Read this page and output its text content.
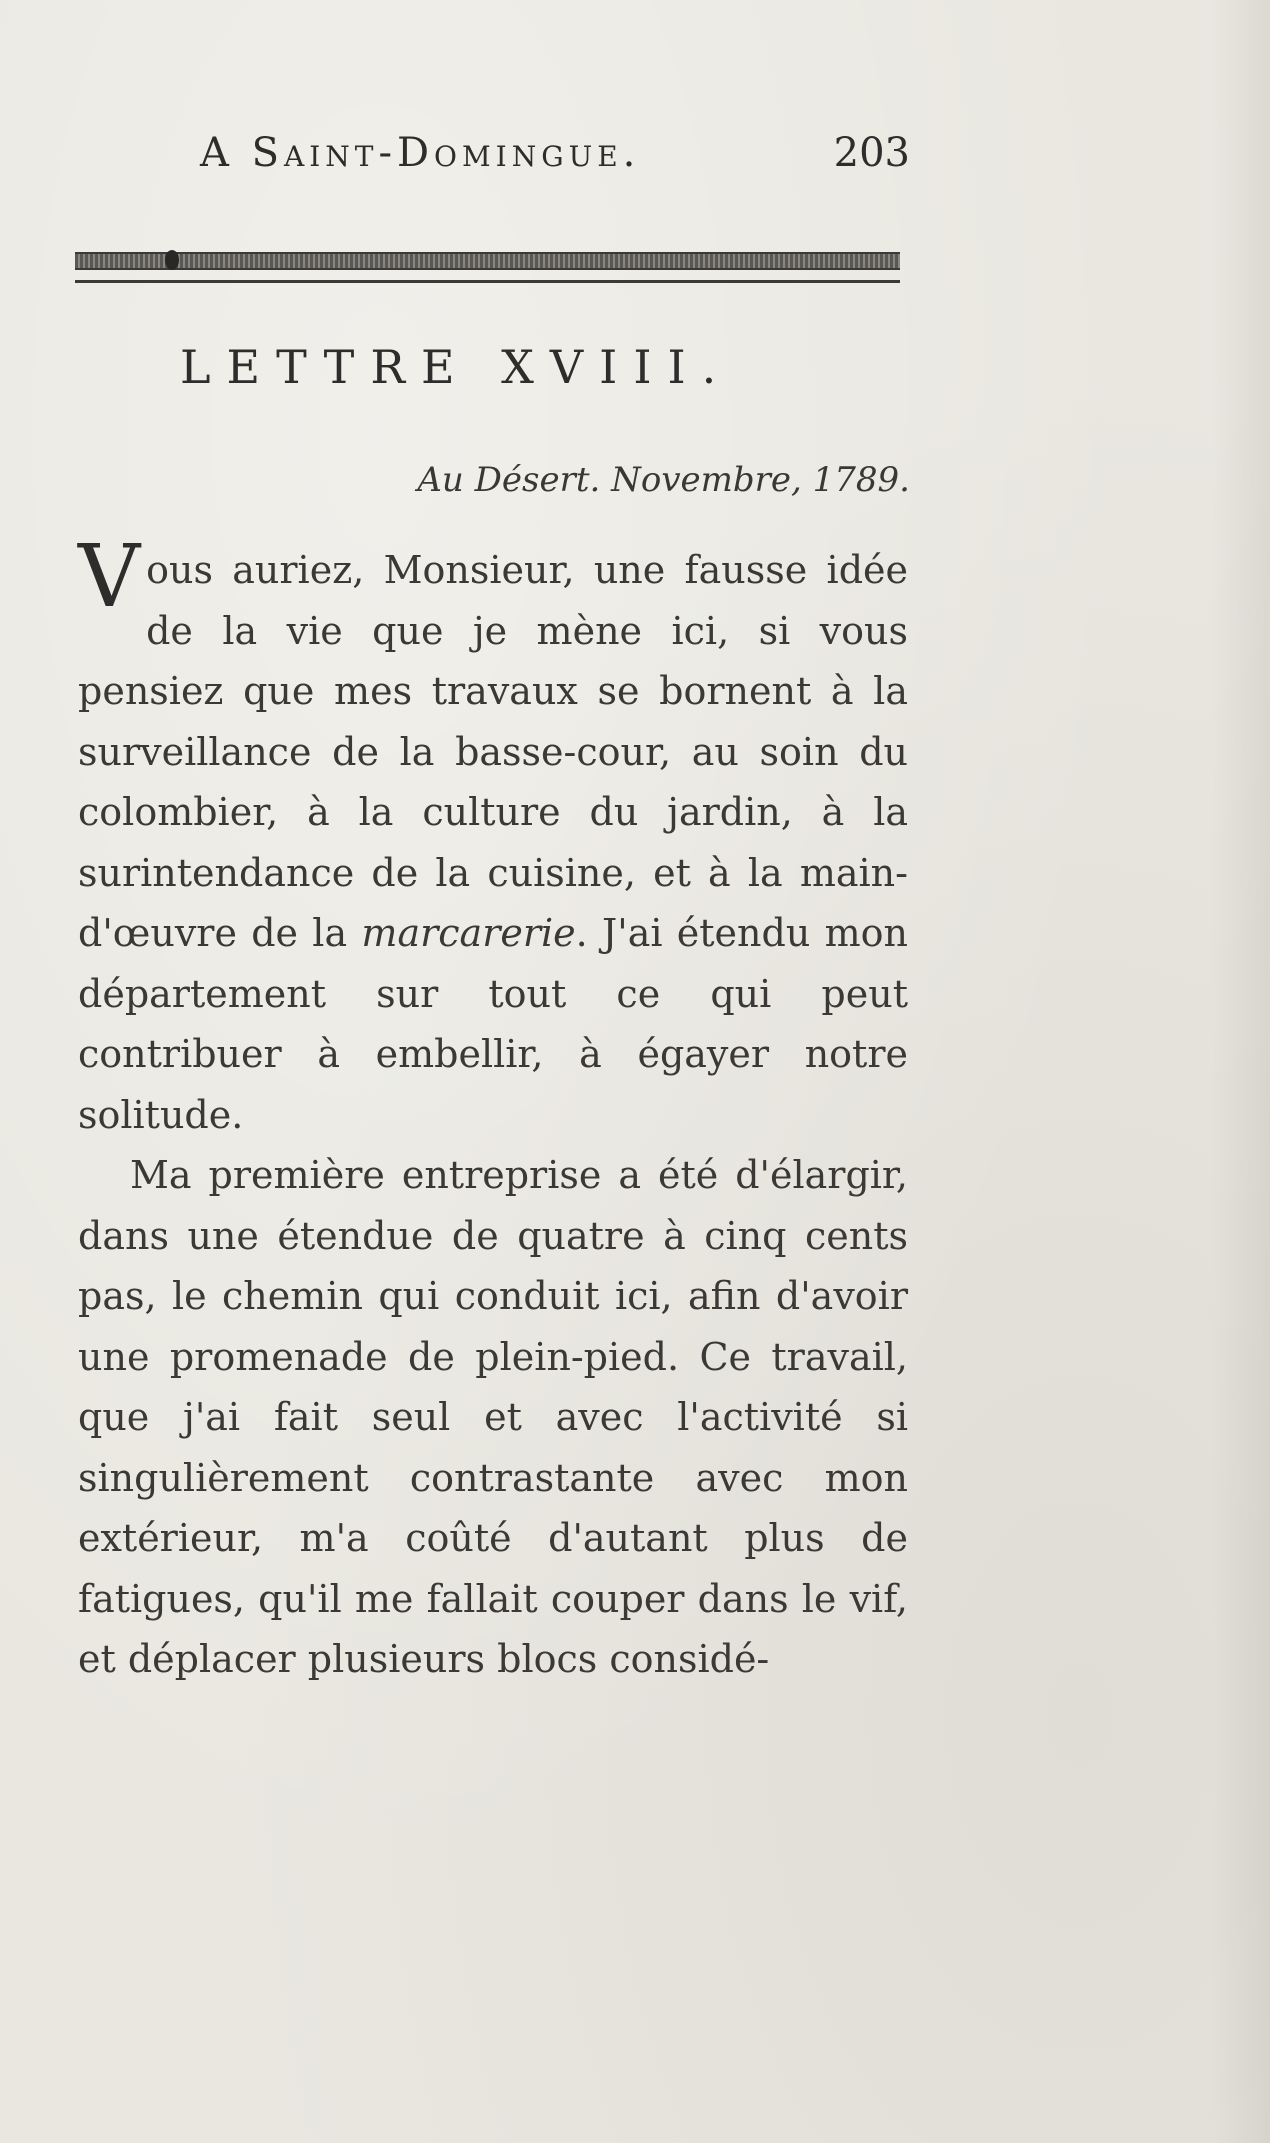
A Saint-Domingue.	203
LETTRE XVIII.
Au Désert. Novembre, 1789.

Vous auriez, Monsieur, une fausse idée de la vie que je mène ici, si vous pensiez que mes travaux se bornent à la surveillance de la basse-cour, au soin du colombier, à la culture du jardin, à la surintendance de la cuisine, et à la main-d'œuvre de la marcarerie. J'ai étendu mon département sur tout ce qui peut contribuer à embellir, à égayer notre solitude.

Ma première entreprise a été d'élargir, dans une étendue de quatre à cinq cents pas, le chemin qui conduit ici, afin d'avoir une promenade de plein-pied. Ce travail, que j'ai fait seul et avec l'activité si singulièrement contrastante avec mon extérieur, m'a coûté d'autant plus de fatigues, qu'il me fallait couper dans le vif, et déplacer plusieurs blocs considé-
